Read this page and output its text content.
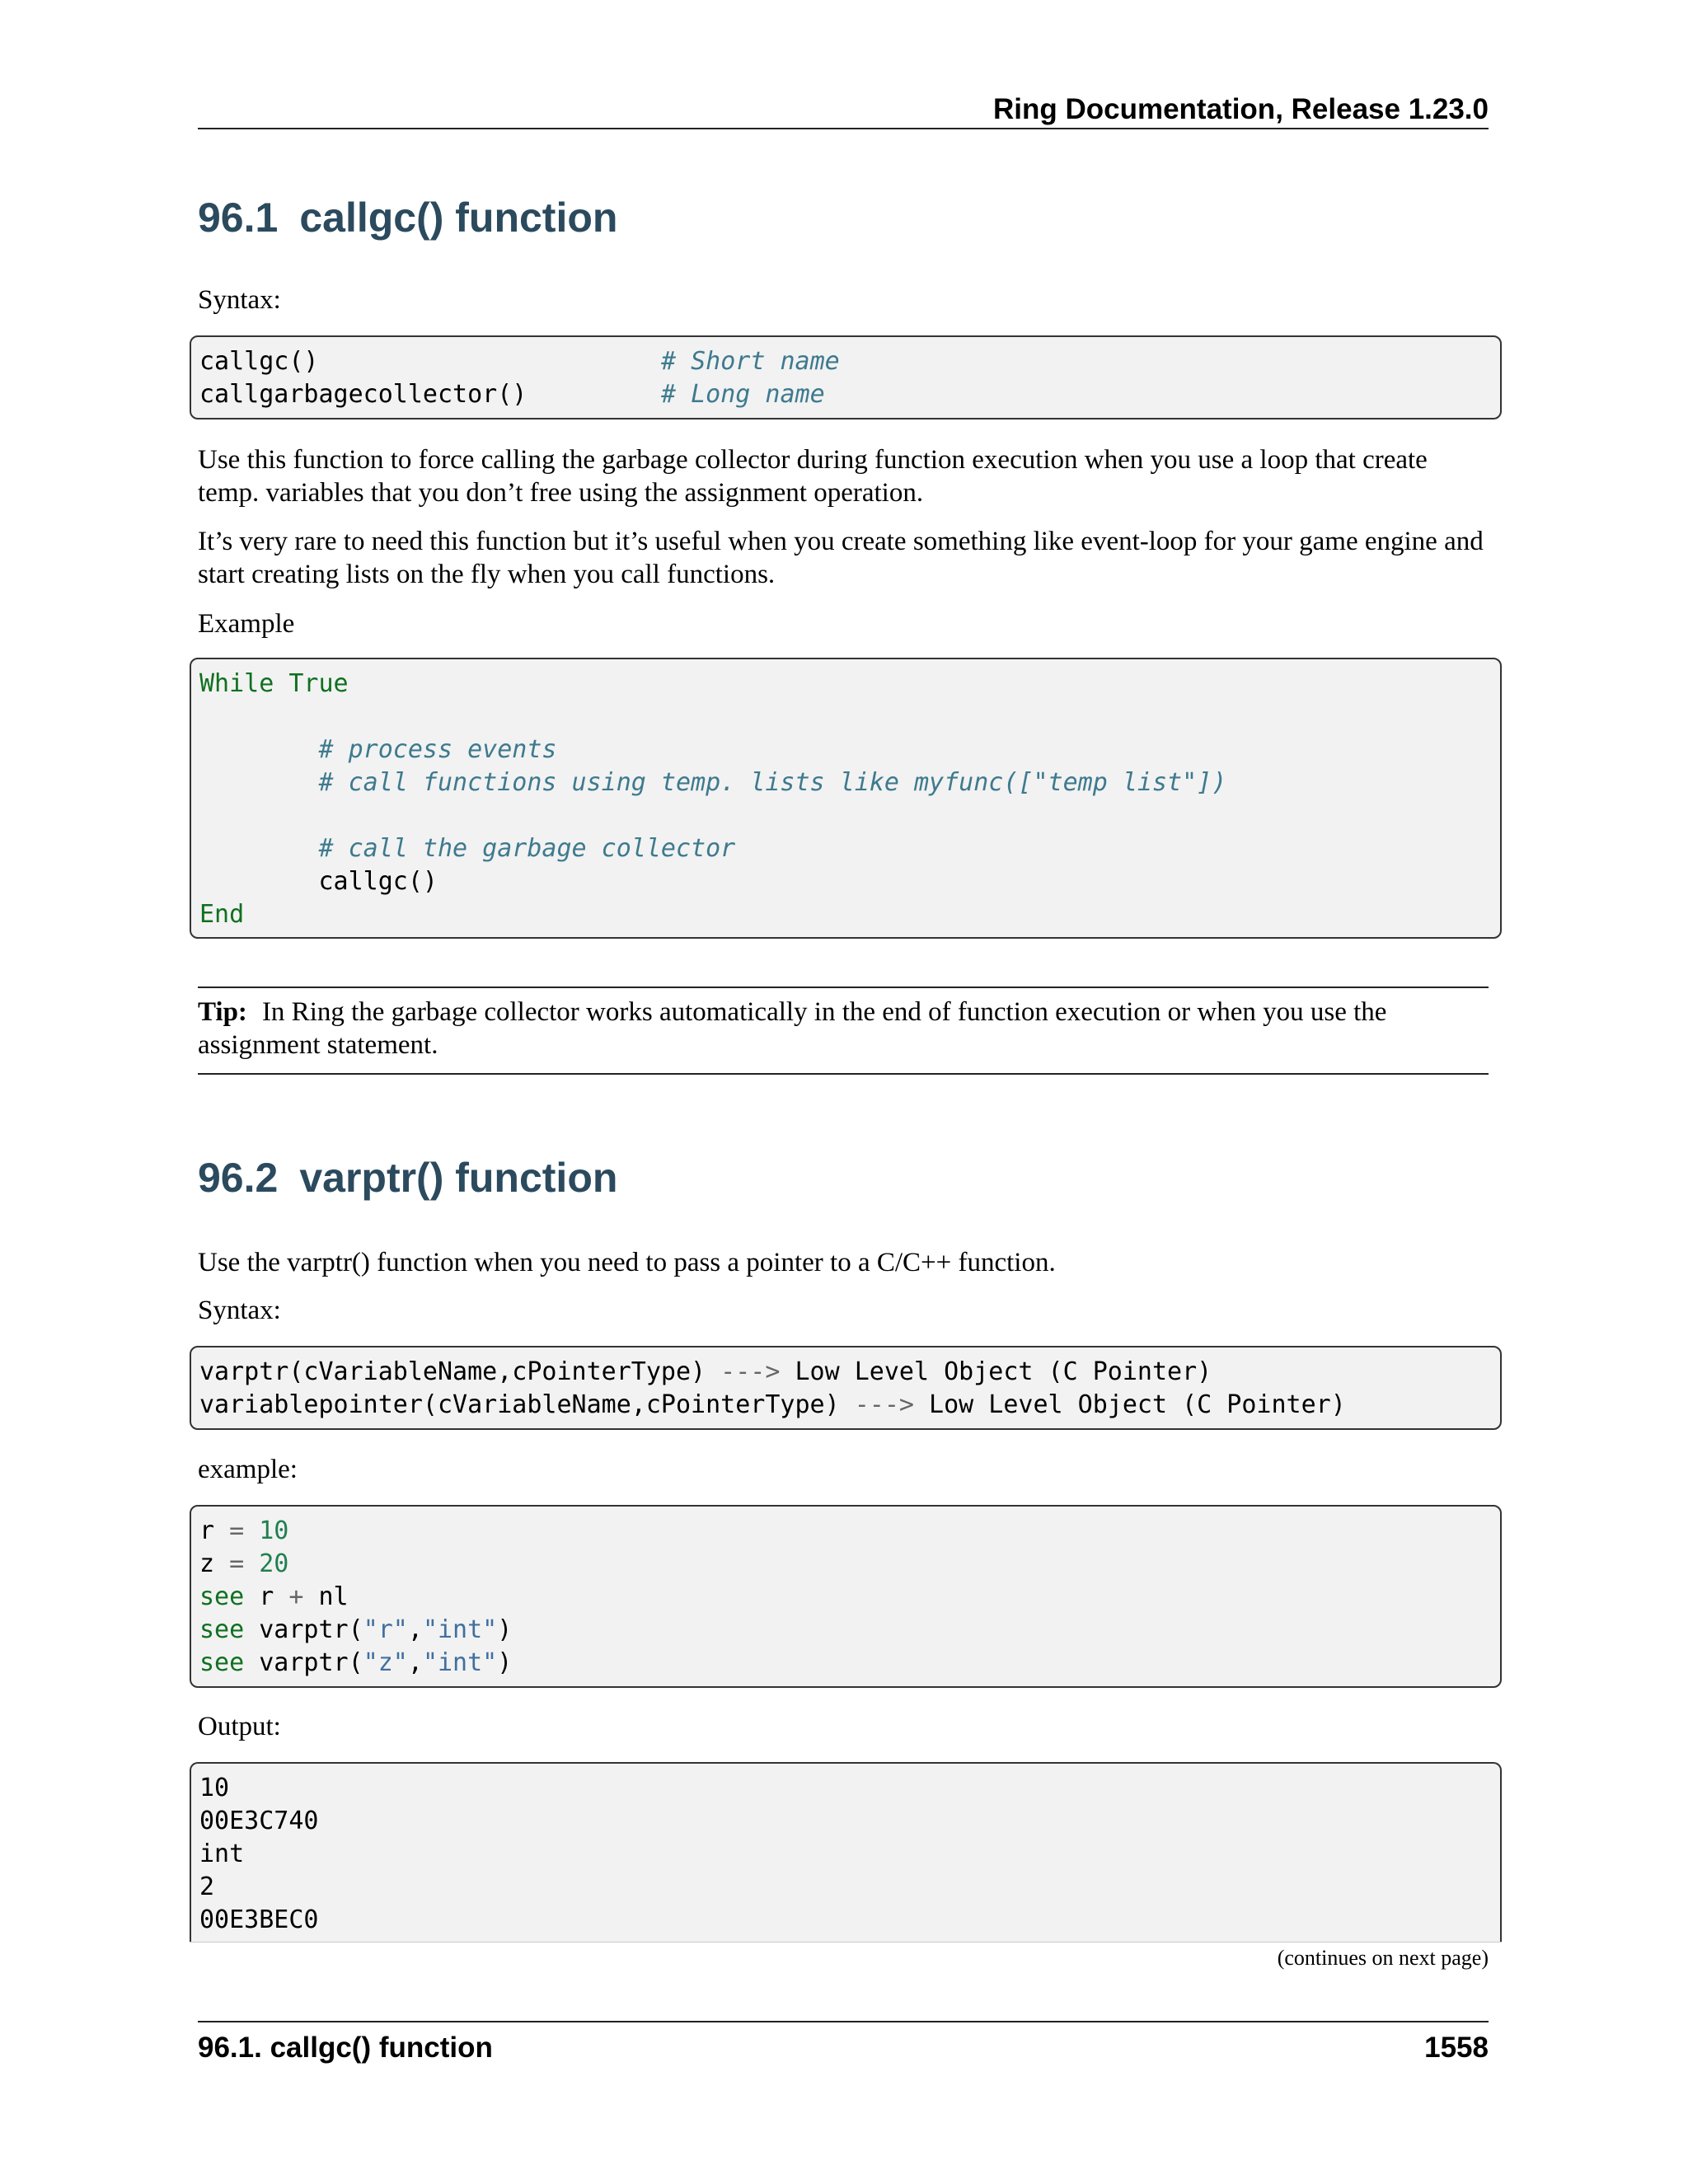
Ring Documentation, Release 1.23.0
96.1 callgc() function
Syntax:
callgc()	# Short name
callgarbagecollector()	# Long name
Use this function to force calling the garbage collector during function execution when you use a loop that create temp. variables that you don’t free using the assignment operation.
It’s very rare to need this function but it’s useful when you create something like event-loop for your game engine and start creating lists on the fly when you call functions.
Example
While True
# process events
# call functions using temp. lists like myfunc(["temp list"])
# call the garbage collector
callgc()
End
Tip: In Ring the garbage collector works automatically in the end of function execution or when you use the assignment statement.
96.2 varptr() function
Use the varptr() function when you need to pass a pointer to a C/C++ function.
Syntax:
varptr(cVariableName,cPointerType) ---> Low Level Object (C Pointer)
variablepointer(cVariableName,cPointerType) ---> Low Level Object (C Pointer)
example:
r = 10
z = 20
see r + nl
see varptr("r","int")
see varptr("z","int")
Output:
10
00E3C740
int
2
00E3BEC0
(continues on next page)
96.1. callgc() function	1558
